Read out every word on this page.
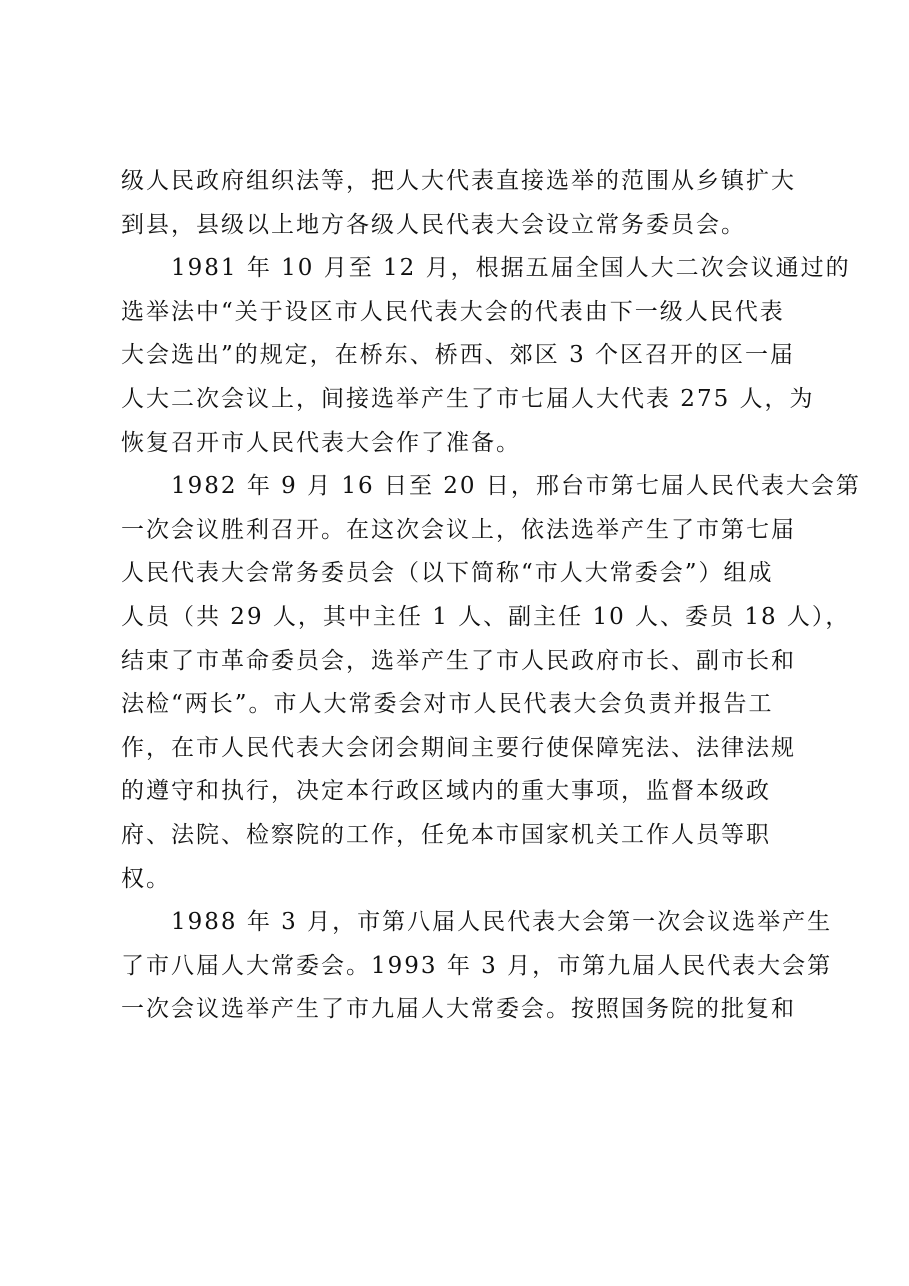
级人民政府组织法等，把人大代表直接选举的范围从乡镇扩大
到县，县级以上地方各级人民代表大会设立常务委员会。
1981 年 10 月至 12 月，根据五届全国人大二次会议通过的
选举法中“关于设区市人民代表大会的代表由下一级人民代表
大会选出”的规定，在桥东、桥西、郊区 3 个区召开的区一届
人大二次会议上，间接选举产生了市七届人大代表 275 人，为
恢复召开市人民代表大会作了准备。
1982 年 9 月 16 日至 20 日，邢台市第七届人民代表大会第
一次会议胜利召开。在这次会议上，依法选举产生了市第七届
人民代表大会常务委员会（以下简称“市人大常委会”）组成
人员（共 29 人，其中主任 1 人、副主任 10 人、委员 18 人），
结束了市革命委员会，选举产生了市人民政府市长、副市长和
法检“两长”。市人大常委会对市人民代表大会负责并报告工
作，在市人民代表大会闭会期间主要行使保障宪法、法律法规
的遵守和执行，决定本行政区域内的重大事项，监督本级政
府、法院、检察院的工作，任免本市国家机关工作人员等职
权。
1988 年 3 月，市第八届人民代表大会第一次会议选举产生
了市八届人大常委会。1993 年 3 月，市第九届人民代表大会第
一次会议选举产生了市九届人大常委会。按照国务院的批复和
